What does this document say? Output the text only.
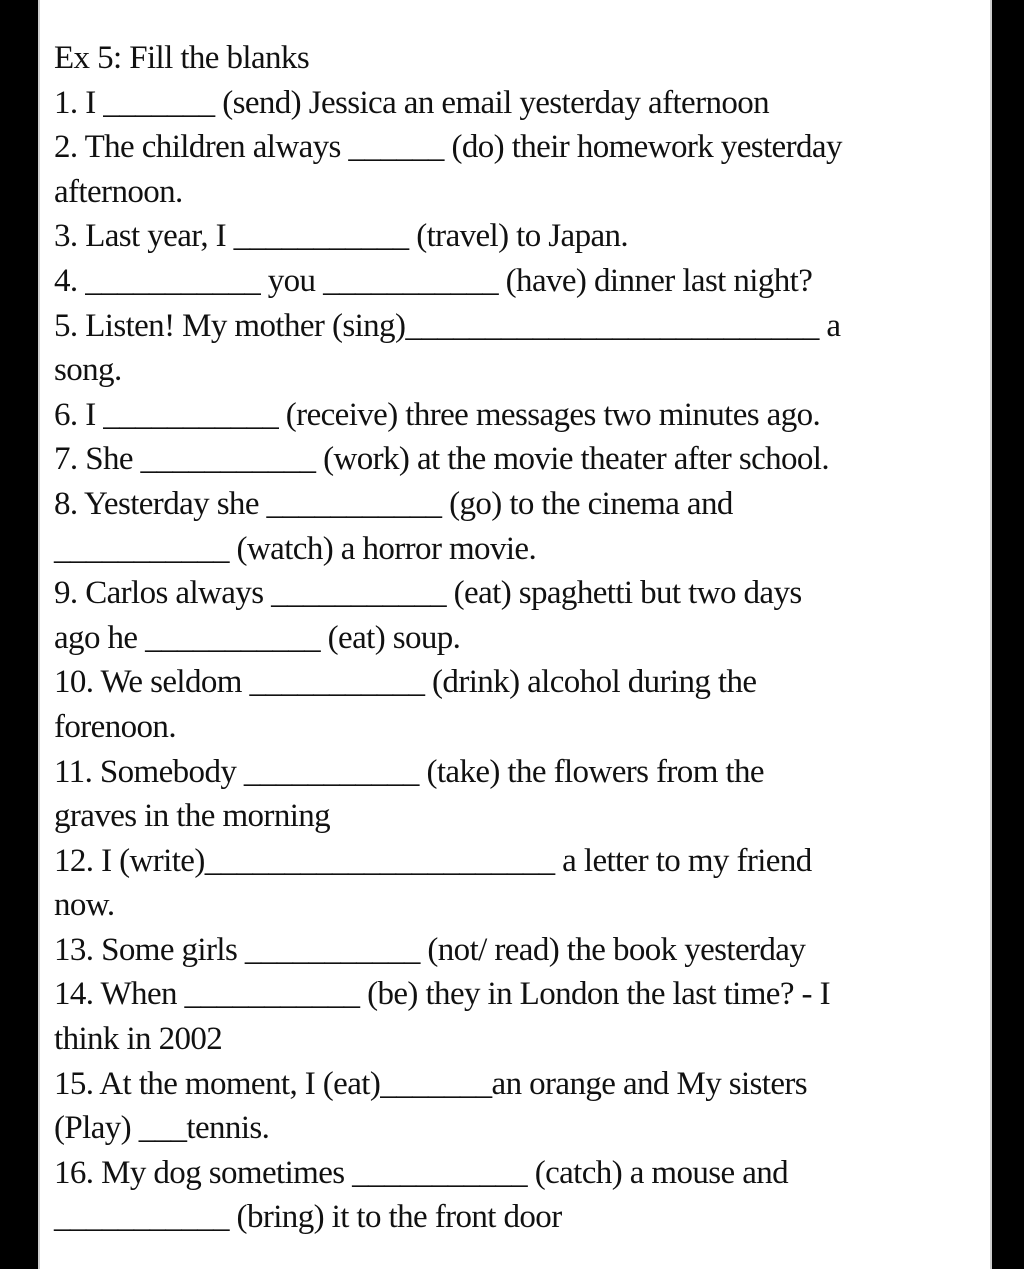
Ex 5: Fill the blanks
1. I _______ (send) Jessica an email yesterday afternoon
2. The children always ______ (do) their homework yesterday
afternoon.
3. Last year, I ___________ (travel) to Japan.
4. ___________ you ___________ (have) dinner last night?
5. Listen! My mother (sing)__________________________ a
song.
6. I ___________ (receive) three messages two minutes ago.
7. She ___________ (work) at the movie theater after school.
8. Yesterday she ___________ (go) to the cinema and
___________ (watch) a horror movie.
9. Carlos always ___________ (eat) spaghetti but two days
ago he ___________ (eat) soup.
10. We seldom ___________ (drink) alcohol during the
forenoon.
11. Somebody ___________ (take) the flowers from the
graves in the morning
12. I (write)______________________ a letter to my friend
now.
13. Some girls ___________ (not/ read) the book yesterday
14. When ___________ (be) they in London the last time? - I
think in 2002
15. At the moment, I (eat)_______an orange and My sisters
(Play) ___tennis.
16. My dog sometimes ___________ (catch) a mouse and
___________ (bring) it to the front door
